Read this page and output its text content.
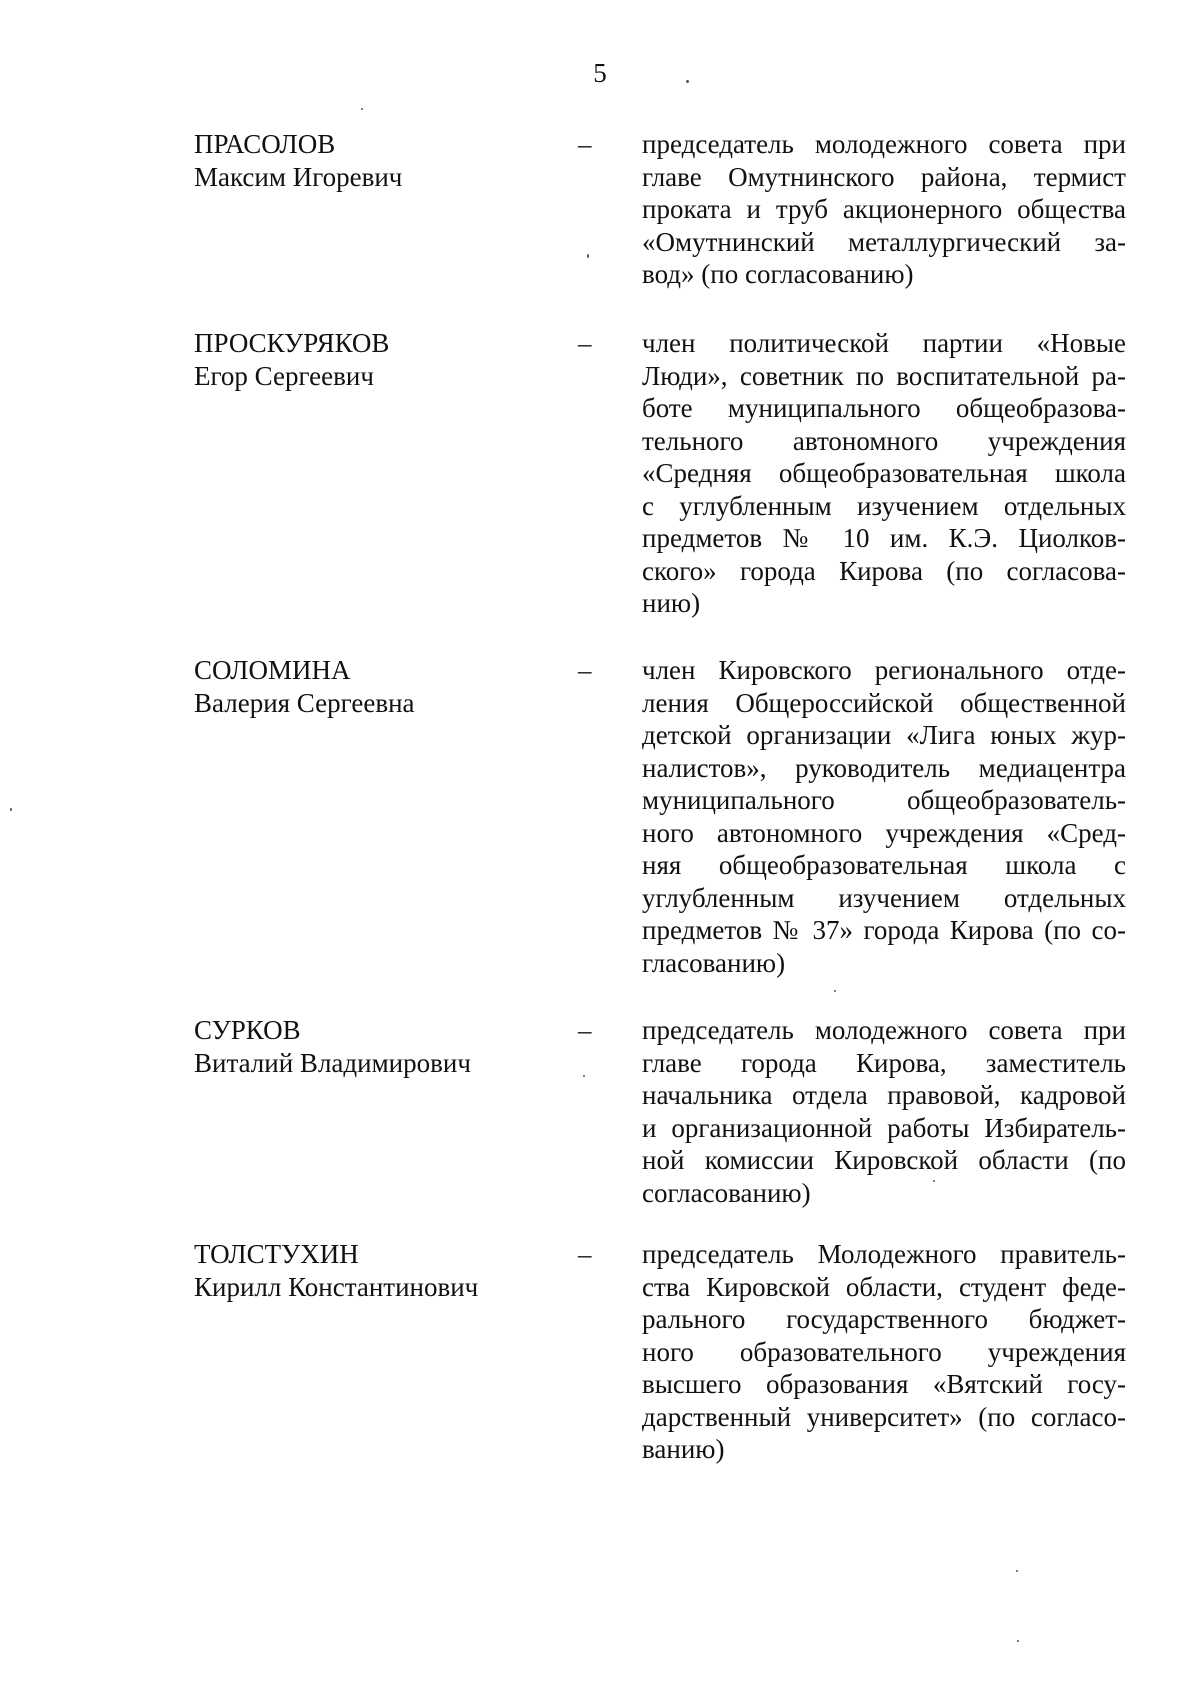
5
ПРАСОЛОВ
Максим Игоревич
– председатель молодежного совета при
главе Омутнинского района, термист
проката и труб акционерного общества
«Омутнинский металлургический за-
вод» (по согласованию)
ПРОСКУРЯКОВ
Егор Сергеевич
– член политической партии «Новые
Люди», советник по воспитательной ра-
боте муниципального общеобразова-
тельного автономного учреждения
«Средняя общеобразовательная школа
с углубленным изучением отдельных
предметов № 10 им. К.Э. Циолков-
ского» города Кирова (по согласова-
нию)
СОЛОМИНА
Валерия Сергеевна
– член Кировского регионального отде-
ления Общероссийской общественной
детской организации «Лига юных жур-
налистов», руководитель медиацентра
муниципального общеобразователь-
ного автономного учреждения «Сред-
няя общеобразовательная школа с
углубленным изучением отдельных
предметов № 37» города Кирова (по со-
гласованию)
СУРКОВ
Виталий Владимирович
– председатель молодежного совета при
главе города Кирова, заместитель
начальника отдела правовой, кадровой
и организационной работы Избиратель-
ной комиссии Кировской области (по
согласованию)
ТОЛСТУХИН
Кирилл Константинович
– председатель Молодежного правитель-
ства Кировской области, студент феде-
рального государственного бюджет-
ного образовательного учреждения
высшего образования «Вятский госу-
дарственный университет» (по согласо-
ванию)
